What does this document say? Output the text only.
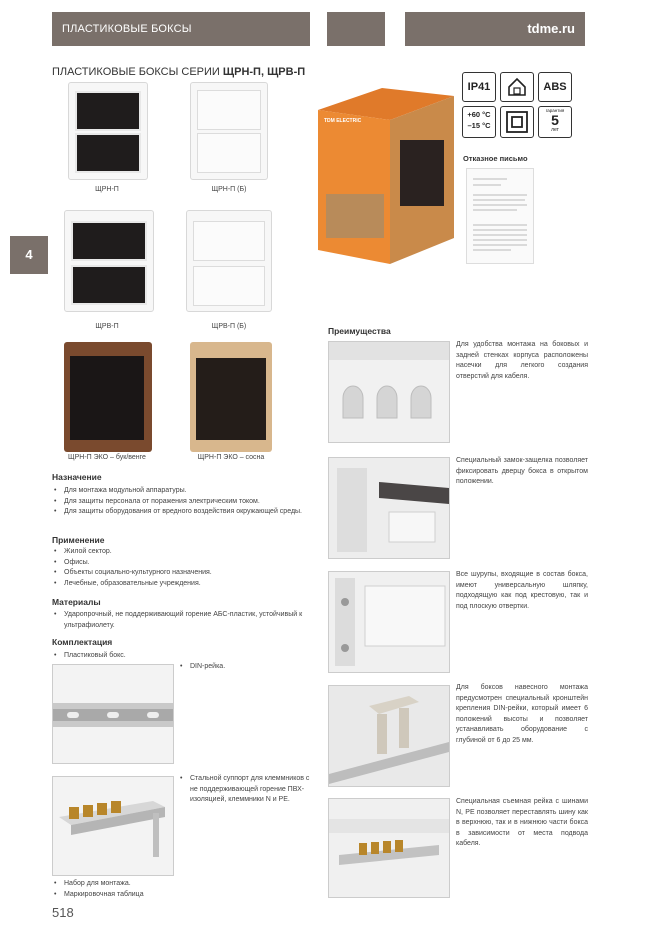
ПЛАСТИКОВЫЕ БОКСЫ	tdme.ru
4
ПЛАСТИКОВЫЕ БОКСЫ СЕРИИ ЩРН-П, ЩРВ-П
ЩРН-П	ЩРН-П (Б)
ЩРВ-П	ЩРВ-П (Б)
ЩРН-П ЭКО – бук/венге	ЩРН-П ЭКО – сосна
TDM ELECTRIC
IP41	ABS
+60 °С
–15 °С
гарантия
5
лет
Отказное письмо
Назначение
• Для монтажа модульной аппаратуры.
• Для защиты персонала от поражения электрическим током.
• Для защиты оборудования от вредного воздействия окружающей среды.
Применение
• Жилой сектор.
• Офисы.
• Объекты социально-культурного назначения.
• Лечебные, образовательные учреждения.
Материалы
• Ударопрочный, не поддерживающий горение АБС-пластик, устойчивый к ультрафиолету.
Комплектация
• Пластиковый бокс.
• DIN-рейка.
• Стальной суппорт для клеммников с не поддерживающей горение ПВХ-изоляцией, клеммники N и PE.
• Набор для монтажа.
• Маркировочная таблица
Преимущества
Для удобства монтажа на боковых и задней стенках корпуса расположены насечки для легкого создания отверстий для кабеля.
Специальный замок-защелка позволяет фиксировать дверцу бокса в открытом положении.
Все шурупы, входящие в состав бокса, имеют универсальную шляпку, подходящую как под крестовую, так и под плоскую отвертки.
Для боксов навесного монтажа предусмотрен специальный кронштейн крепления DIN-рейки, который имеет 6 положений высоты и позволяет устанавливать оборудование с глубиной от 6 до 25 мм.
Специальная съемная рейка с шинами N, PE позволяет переставлять шину как в верхнюю, так и в нижнюю части бокса в зависимости от места подвода кабеля.
518
